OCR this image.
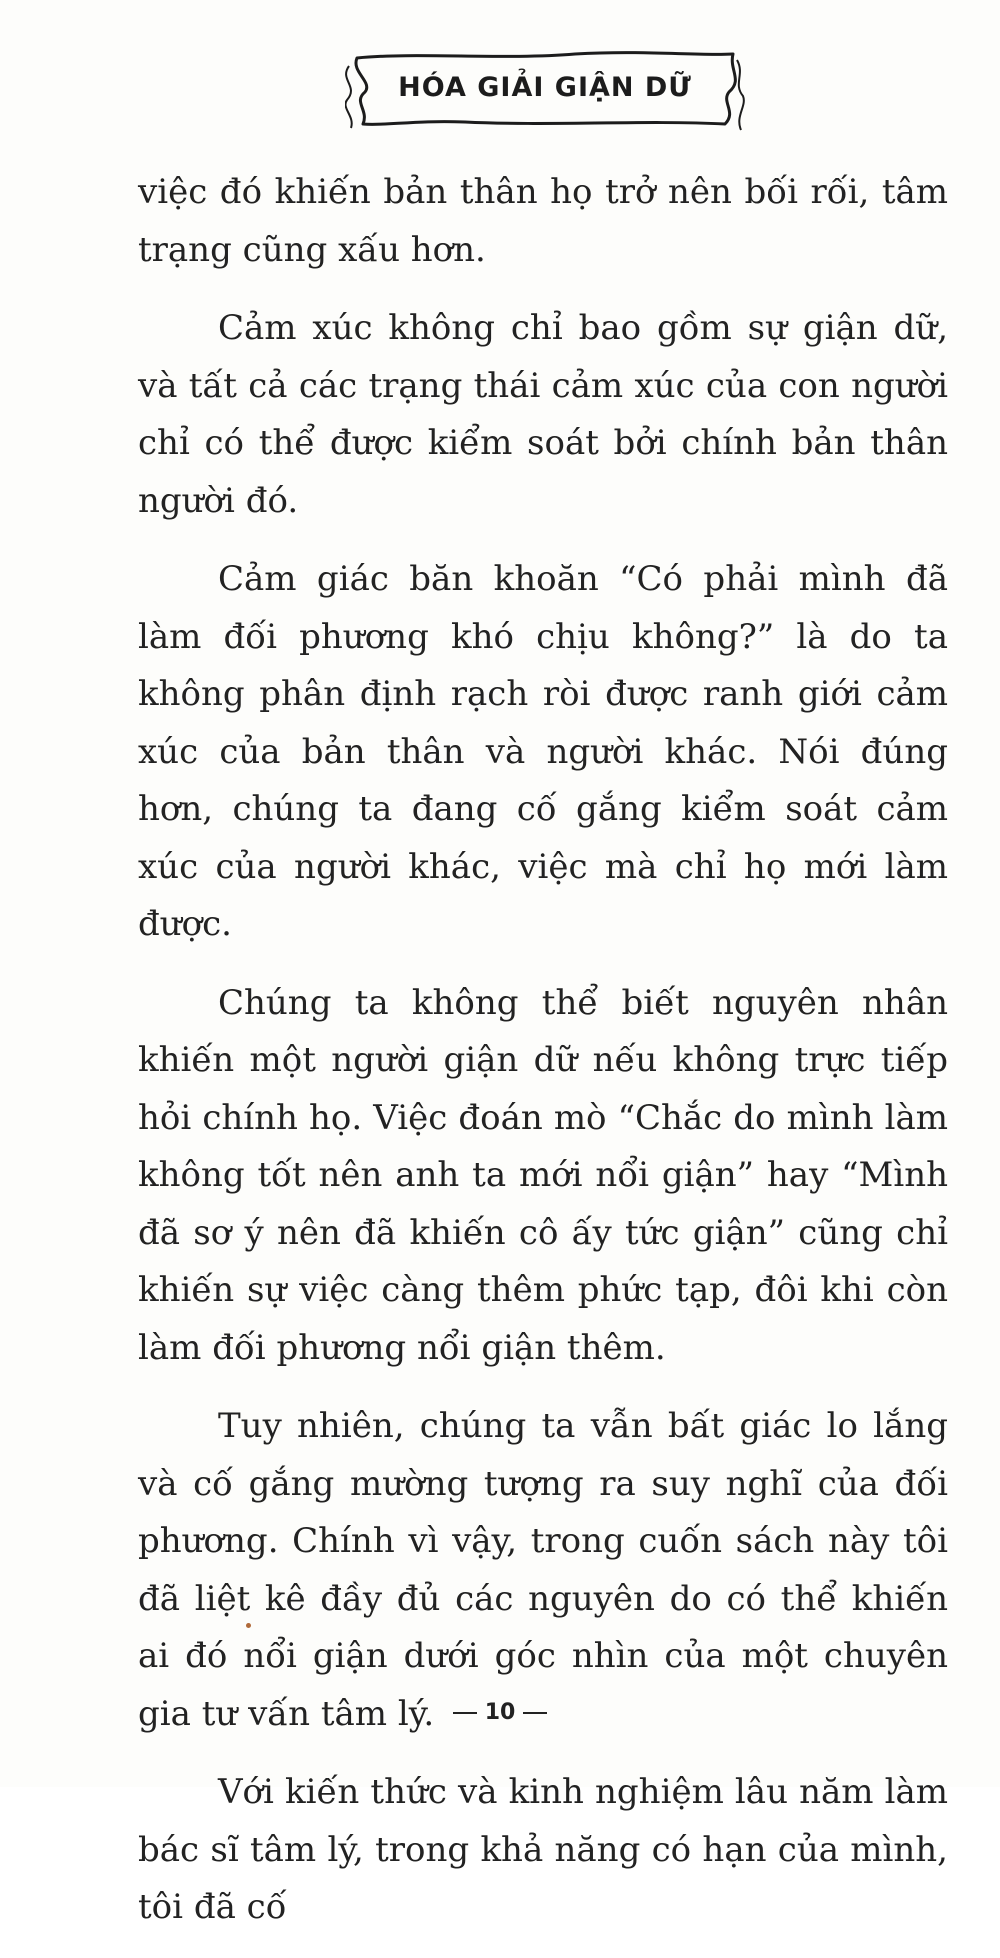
HÓA GIẢI GIẬN DỮ

việc đó khiến bản thân họ trở nên bối rối, tâm trạng cũng xấu hơn.

Cảm xúc không chỉ bao gồm sự giận dữ, và tất cả các trạng thái cảm xúc của con người chỉ có thể được kiểm soát bởi chính bản thân người đó.

Cảm giác băn khoăn “Có phải mình đã làm đối phương khó chịu không?” là do ta không phân định rạch ròi được ranh giới cảm xúc của bản thân và người khác. Nói đúng hơn, chúng ta đang cố gắng kiểm soát cảm xúc của người khác, việc mà chỉ họ mới làm được.

Chúng ta không thể biết nguyên nhân khiến một người giận dữ nếu không trực tiếp hỏi chính họ. Việc đoán mò “Chắc do mình làm không tốt nên anh ta mới nổi giận” hay “Mình đã sơ ý nên đã khiến cô ấy tức giận” cũng chỉ khiến sự việc càng thêm phức tạp, đôi khi còn làm đối phương nổi giận thêm.

Tuy nhiên, chúng ta vẫn bất giác lo lắng và cố gắng mường tượng ra suy nghĩ của đối phương. Chính vì vậy, trong cuốn sách này tôi đã liệt kê đầy đủ các nguyên do có thể khiến ai đó nổi giận dưới góc nhìn của một chuyên gia tư vấn tâm lý.

Với kiến thức và kinh nghiệm lâu năm làm bác sĩ tâm lý, trong khả năng có hạn của mình, tôi đã cố

10
